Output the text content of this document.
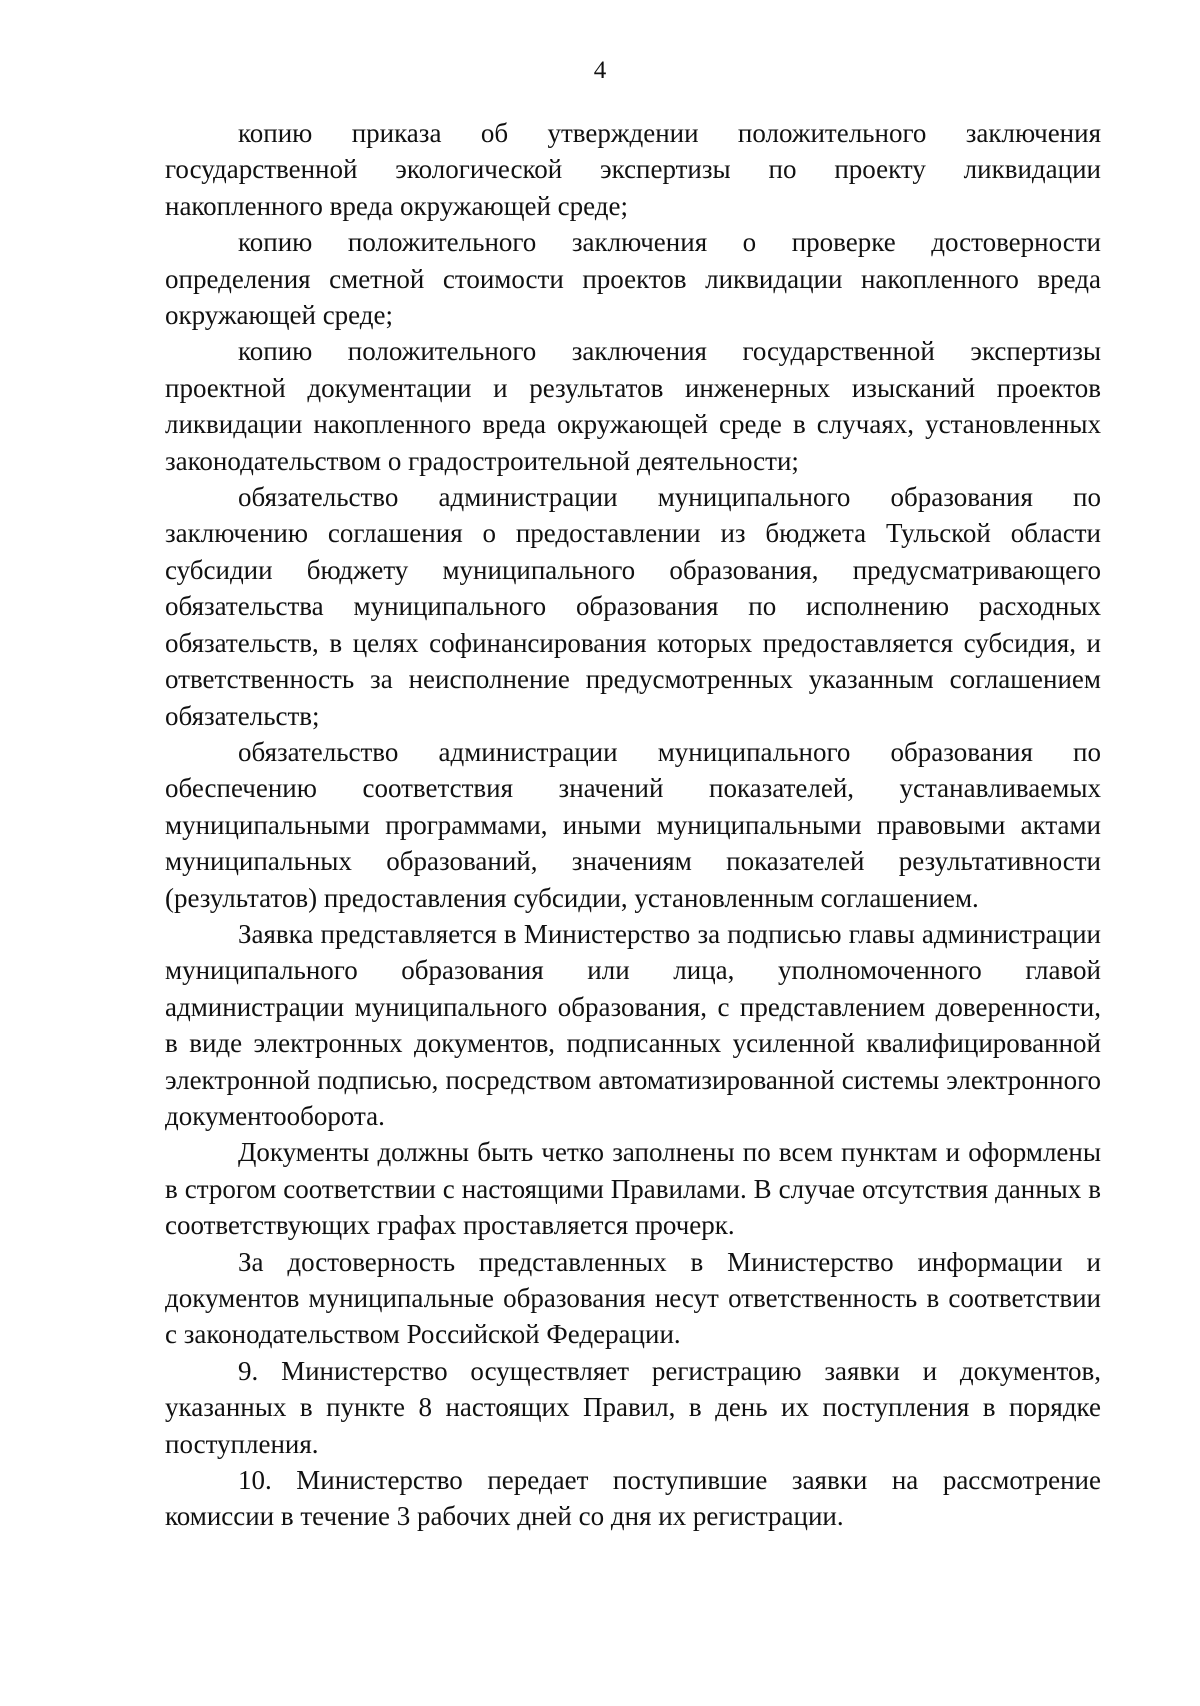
4

копию приказа об утверждении положительного заключения государственной экологической экспертизы по проекту ликвидации накопленного вреда окружающей среде;

копию положительного заключения о проверке достоверности определения сметной стоимости проектов ликвидации накопленного вреда окружающей среде;

копию положительного заключения государственной экспертизы проектной документации и результатов инженерных изысканий проектов ликвидации накопленного вреда окружающей среде в случаях, установленных законодательством о градостроительной деятельности;

обязательство администрации муниципального образования по заключению соглашения о предоставлении из бюджета Тульской области субсидии бюджету муниципального образования, предусматривающего обязательства муниципального образования по исполнению расходных обязательств, в целях софинансирования которых предоставляется субсидия, и ответственность за неисполнение предусмотренных указанным соглашением обязательств;

обязательство администрации муниципального образования по обеспечению соответствия значений показателей, устанавливаемых муниципальными программами, иными муниципальными правовыми актами муниципальных образований, значениям показателей результативности (результатов) предоставления субсидии, установленным соглашением.

Заявка представляется в Министерство за подписью главы администрации муниципального образования или лица, уполномоченного главой администрации муниципального образования, с представлением доверенности, в виде электронных документов, подписанных усиленной квалифицированной электронной подписью, посредством автоматизированной системы электронного документооборота.

Документы должны быть четко заполнены по всем пунктам и оформлены в строгом соответствии с настоящими Правилами. В случае отсутствия данных в соответствующих графах проставляется прочерк.

За достоверность представленных в Министерство информации и документов муниципальные образования несут ответственность в соответствии с законодательством Российской Федерации.

9. Министерство осуществляет регистрацию заявки и документов, указанных в пункте 8 настоящих Правил, в день их поступления в порядке поступления.

10. Министерство передает поступившие заявки на рассмотрение комиссии в течение 3 рабочих дней со дня их регистрации.
